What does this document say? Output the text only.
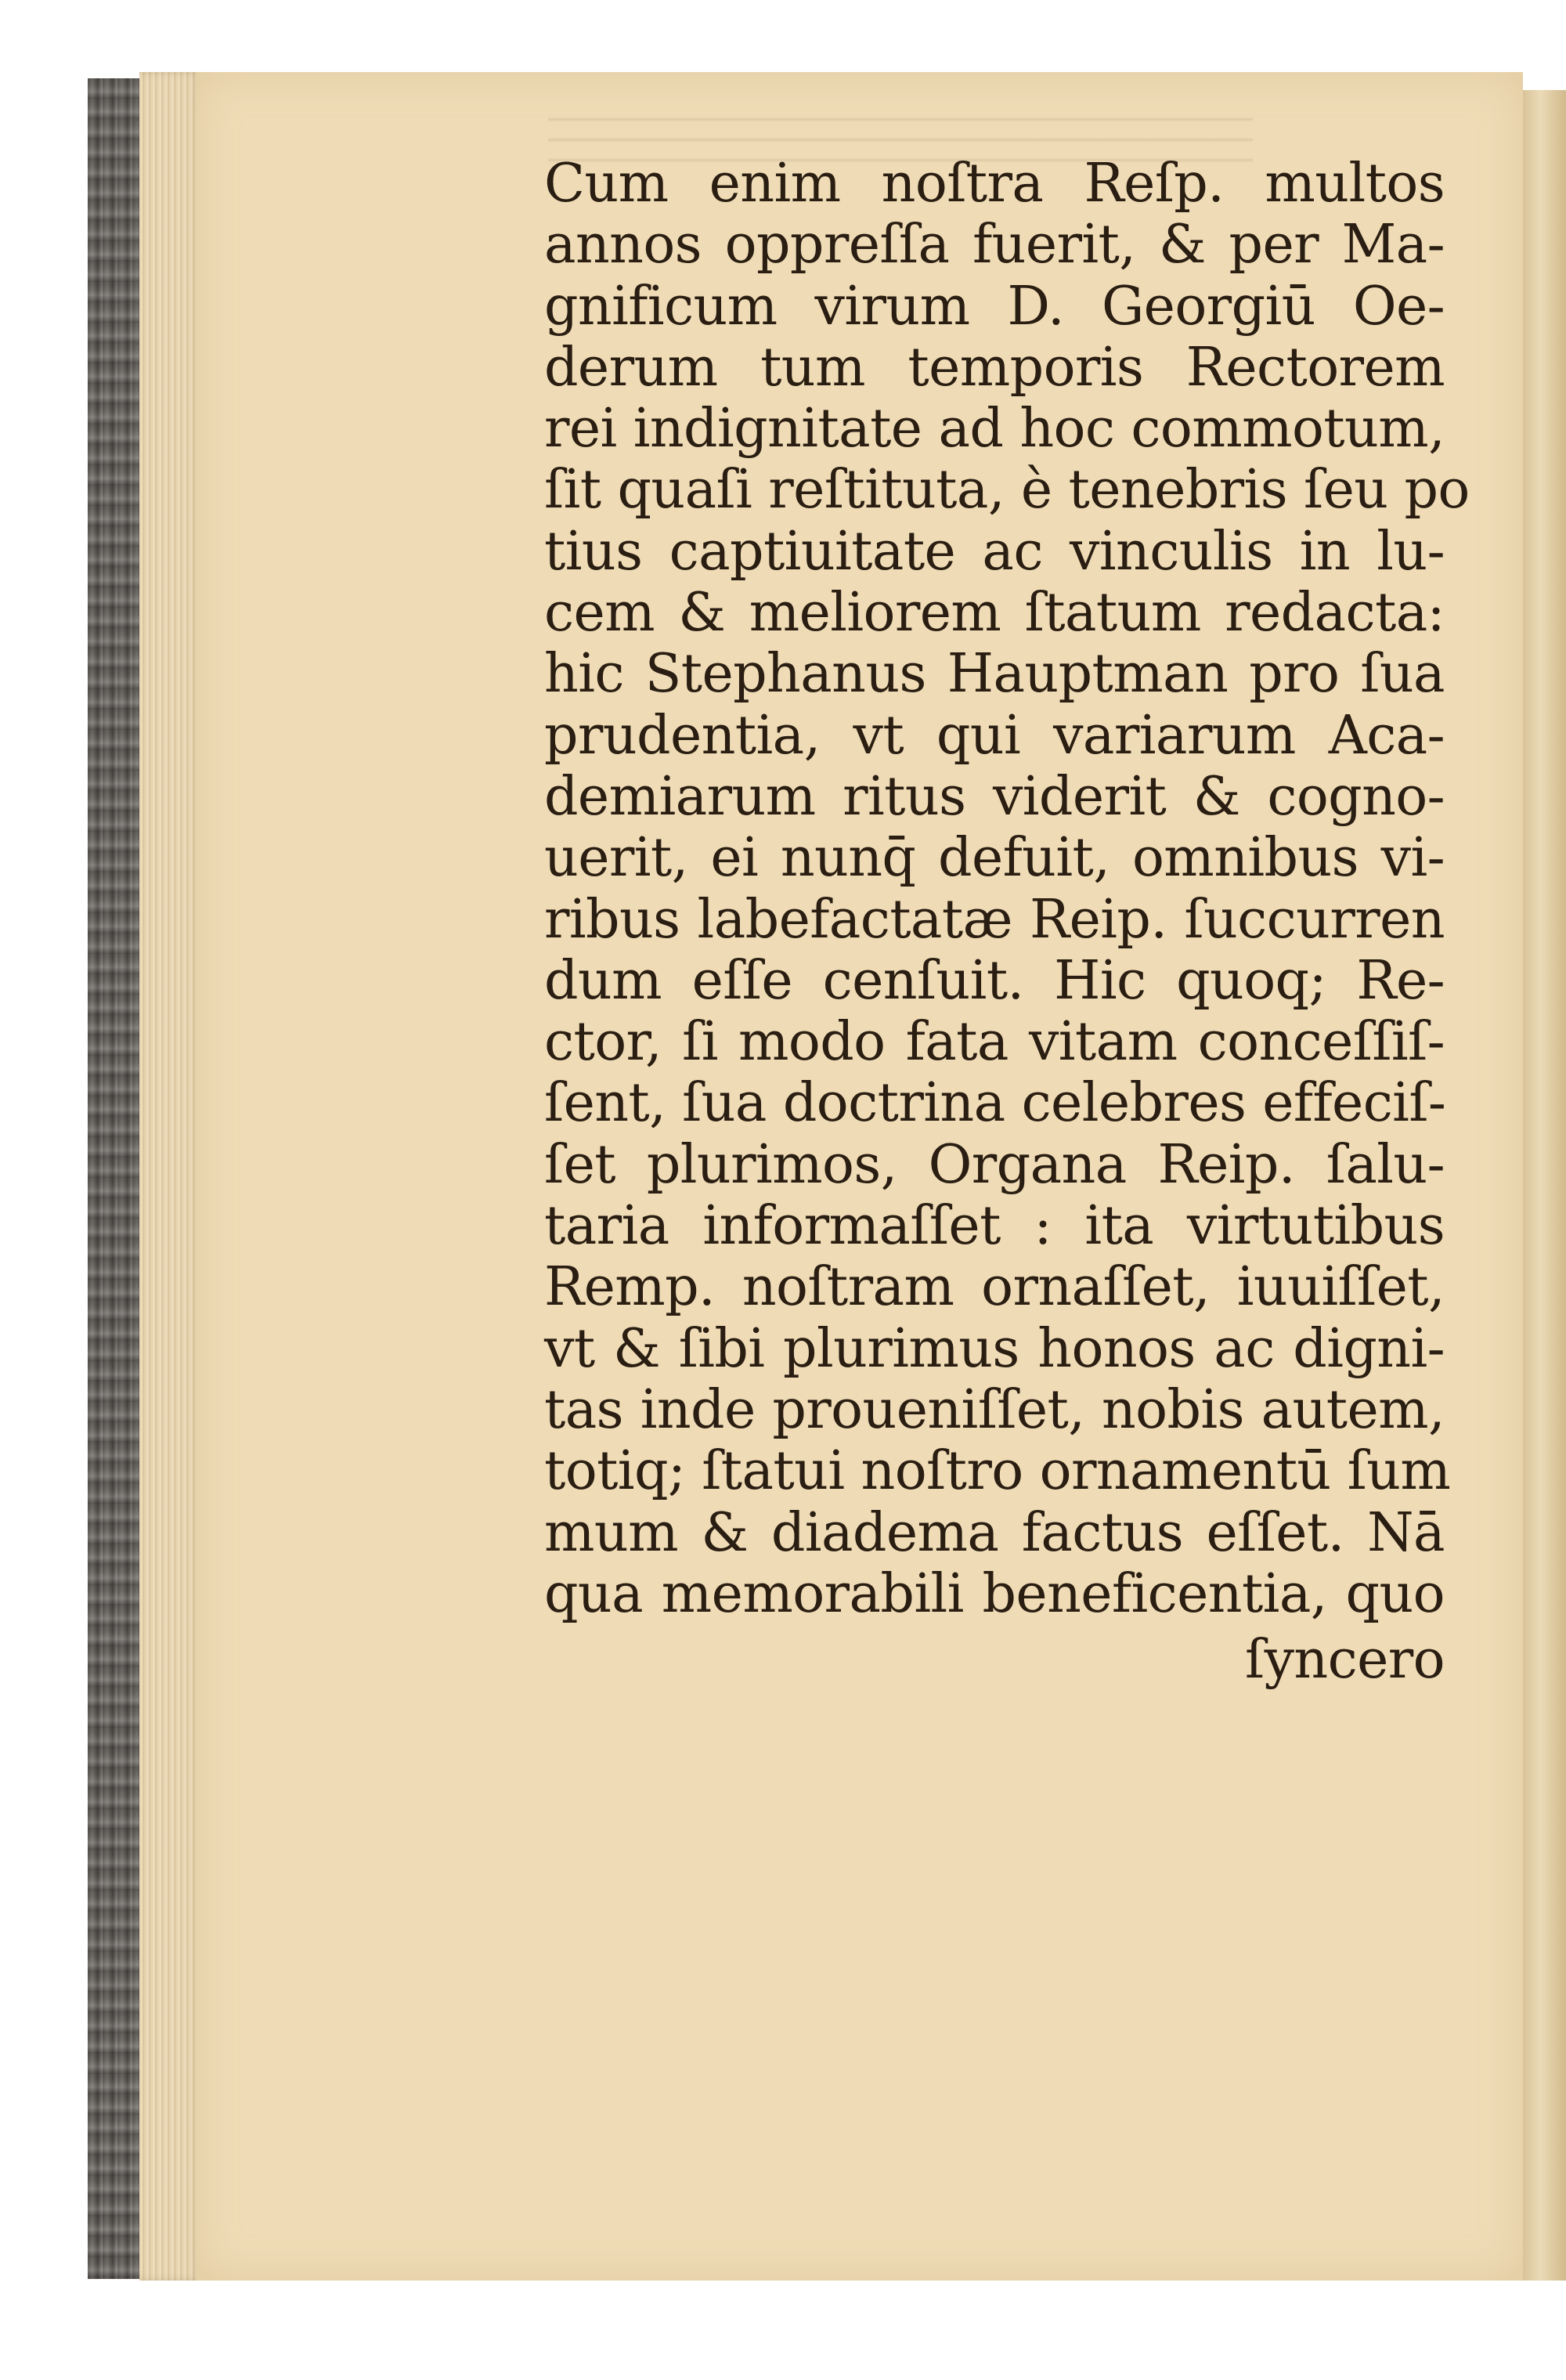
Cum enim noſtra Reſp. multos
annos oppreſſa fuerit, & per Ma-
gnificum virum D. Georgiū Oe-
derum tum temporis Rectorem
rei indignitate ad hoc commotum,
ſit quaſi reſtituta, è tenebris ſeu po
tius captiuitate ac vinculis in lu-
cem & meliorem ſtatum redacta:
hic Stephanus Hauptman pro ſua
prudentia, vt qui variarum Aca-
demiarum ritus viderit & cogno-
uerit, ei nunq̄ defuit, omnibus vi-
ribus labefactatæ Reip. ſuccurren
dum eſſe cenſuit. Hic quoq; Re-
ctor, ſi modo fata vitam conceſſiſ-
ſent, ſua doctrina celebres effeciſ-
ſet plurimos, Organa Reip. ſalu-
taria informaſſet : ita virtutibus
Remp. noſtram ornaſſet, iuuiſſet,
vt & ſibi plurimus honos ac digni-
tas inde proueniſſet, nobis autem,
totiq; ſtatui noſtro ornamentū ſum
mum & diadema factus eſſet. Nā
qua memorabili beneficentia, quo
ſyncero
